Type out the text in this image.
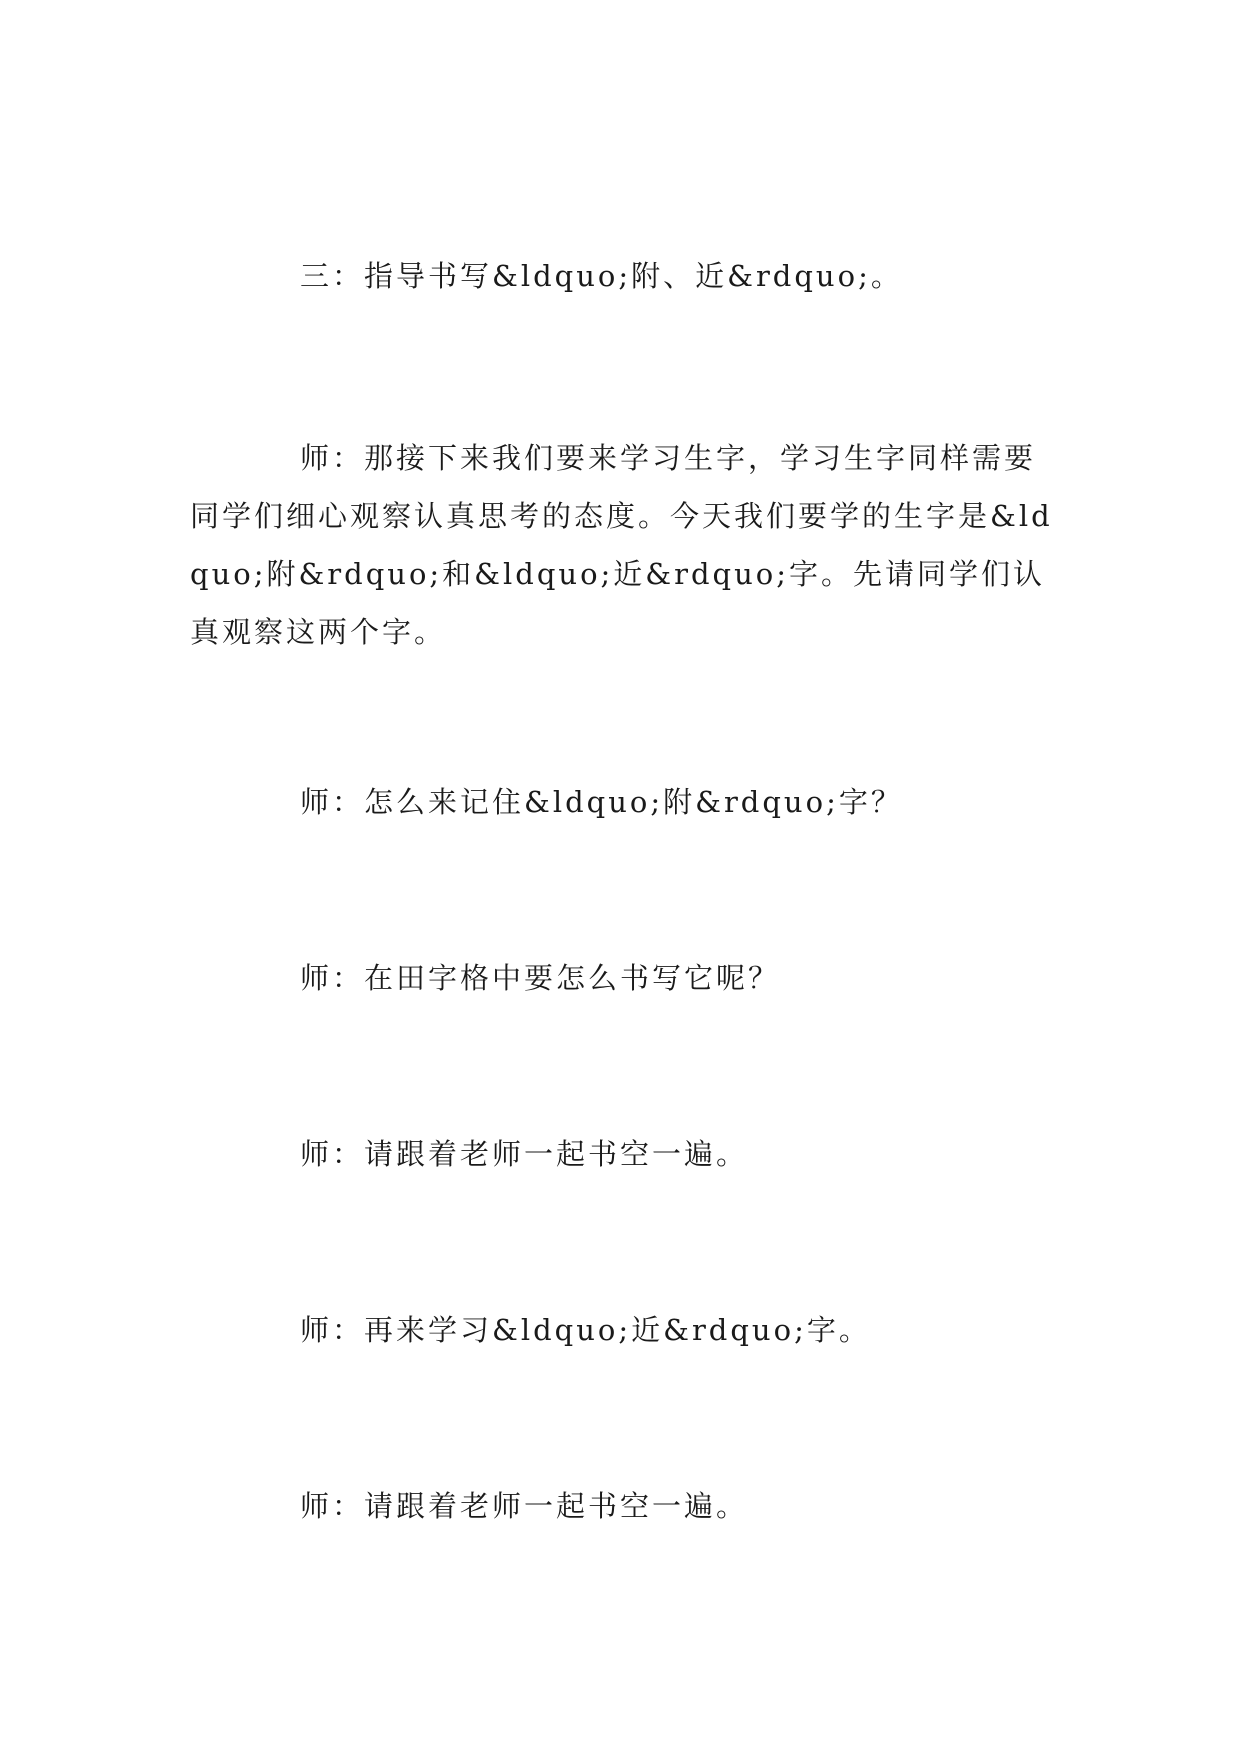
三：指导书写&ldquo;附、近&rdquo;。

师：那接下来我们要来学习生字，学习生字同样需要同学们细心观察认真思考的态度。今天我们要学的生字是&ldquo;附&rdquo;和&ldquo;近&rdquo;字。先请同学们认真观察这两个字。

师：怎么来记住&ldquo;附&rdquo;字？

师：在田字格中要怎么书写它呢？

师：请跟着老师一起书空一遍。

师：再来学习&ldquo;近&rdquo;字。

师：请跟着老师一起书空一遍。
